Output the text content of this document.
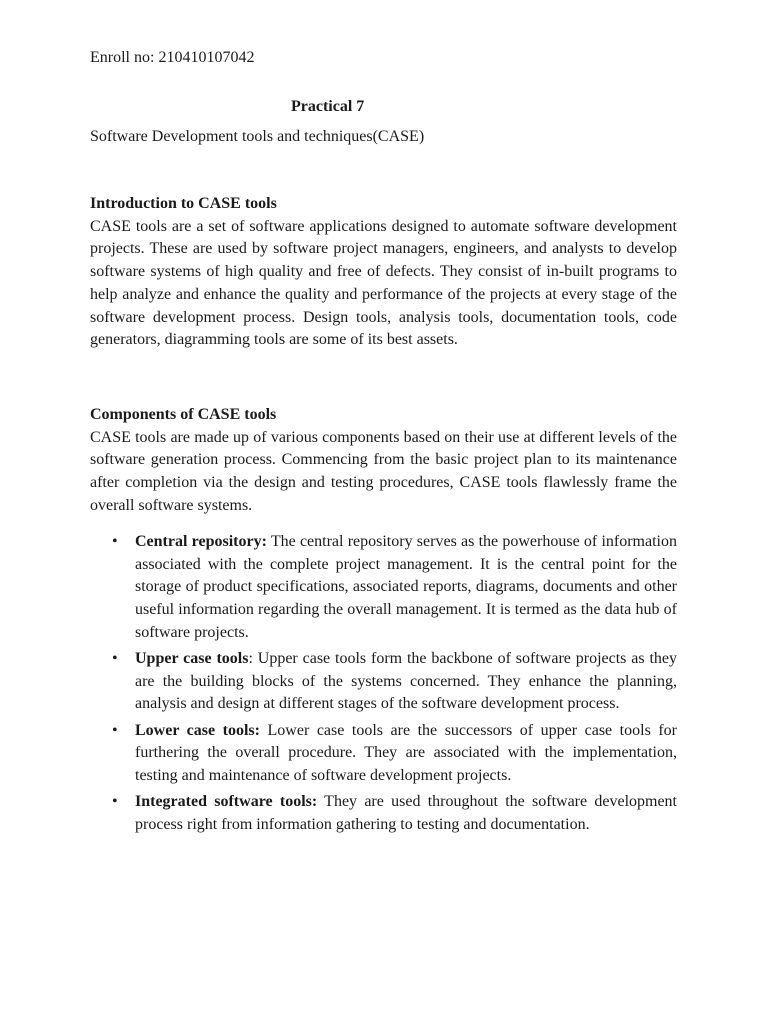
Enroll no: 210410107042
Practical 7
Software Development tools and techniques(CASE)

Introduction to CASE tools

CASE tools are a set of software applications designed to automate software development projects. These are used by software project managers, engineers, and analysts to develop software systems of high quality and free of defects. They consist of in-built programs to help analyze and enhance the quality and performance of the projects at every stage of the software development process. Design tools, analysis tools, documentation tools, code generators, diagramming tools are some of its best assets.

Components of CASE tools

CASE tools are made up of various components based on their use at different levels of the software generation process. Commencing from the basic project plan to its maintenance after completion via the design and testing procedures, CASE tools flawlessly frame the overall software systems.

• Central repository: The central repository serves as the powerhouse of information associated with the complete project management. It is the central point for the storage of product specifications, associated reports, diagrams, documents and other useful information regarding the overall management. It is termed as the data hub of software projects.
• Upper case tools: Upper case tools form the backbone of software projects as they are the building blocks of the systems concerned. They enhance the planning, analysis and design at different stages of the software development process.
• Lower case tools: Lower case tools are the successors of upper case tools for furthering the overall procedure. They are associated with the implementation, testing and maintenance of software development projects.
• Integrated software tools: They are used throughout the software development process right from information gathering to testing and documentation.
